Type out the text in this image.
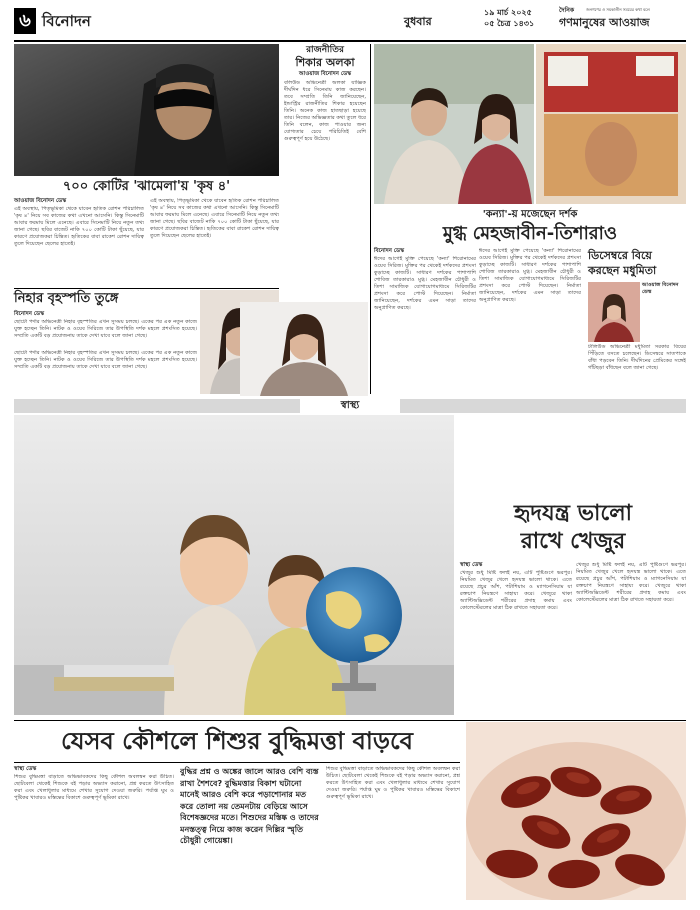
৬ বিনোদন	বুধবার
১৯ মার্চ ২০২৫
০৫ চৈত্র ১৪৩১
দৈনিক	জনগণের ও সমকালীন সময়ের কথা বলে
গণমানুষের আওয়াজ
৭০০ কোটির 'ঝামেলা'য় 'কৃষ ৪'
আওয়াজ বিনোদন ডেস্ক
এই অবস্থায়, পিতৃভূমিকা থেকে যাবেন হৃতিক রোশন পরিচালিত 'কৃষ ৪' নিয়ে সব কাজের কথা এখনো আসেনি। কিন্তু সিনেমাটি আবার ফরমায় মিলে এনেছে। এবারে সিনেমাটি নিয়ে নতুন তথ্য জানা গেছে। ছবির বাজেট নাকি ৭০০ কোটি টাকা ছুঁয়েছে, যার কারণে প্রযোজকরা চিন্তিত। হৃতিকের বাবা রাকেশ রোশন দায়িত্ব তুলে দিয়েছেন ছেলের হাতেই।
এই অবস্থায়, পিতৃভূমিকা থেকে যাবেন হৃতিক রোশন পরিচালিত 'কৃষ ৪' নিয়ে সব কাজের কথা এখনো আসেনি। কিন্তু সিনেমাটি আবার ফরমায় মিলে এনেছে। এবারে সিনেমাটি নিয়ে নতুন তথ্য জানা গেছে। ছবির বাজেট নাকি ৭০০ কোটি টাকা ছুঁয়েছে, যার কারণে প্রযোজকরা চিন্তিত। হৃতিকের বাবা রাকেশ রোশন দায়িত্ব তুলে দিয়েছেন ছেলের হাতেই।
নিহার বৃহস্পতি তুঙ্গে
বিনোদন ডেস্ক
ছোটো পর্দার অভিনেত্রী নিহার বৃহস্পতির এখন সুসময় চলছে। একের পর এক নতুন কাজে যুক্ত হচ্ছেন তিনি। নাটক ও ওয়েব সিরিজে তার উপস্থিতি দর্শক মহলে প্রশংসিত হয়েছে। সম্প্রতি একটি বড় প্রযোজনায় তাকে দেখা যাবে বলে জানা গেছে।
ছোটো পর্দার অভিনেত্রী নিহার বৃহস্পতির এখন সুসময় চলছে। একের পর এক নতুন কাজে যুক্ত হচ্ছেন তিনি। নাটক ও ওয়েব সিরিজে তার উপস্থিতি দর্শক মহলে প্রশংসিত হয়েছে। সম্প্রতি একটি বড় প্রযোজনায় তাকে দেখা যাবে বলে জানা গেছে।
রাজনীতির
শিকার অলকা
আওয়াজ বিনোদন ডেস্ক
বলিউড অভিনেত্রী অলকা যাজ্ঞিক দীর্ঘদিন ধরে সিনেমায় কাজ করছেন। তবে সম্প্রতি তিনি জানিয়েছেন, ইন্ডাস্ট্রির রাজনীতির শিকার হয়েছেন তিনি। অনেক কাজ হাতছাড়া হয়েছে তার। নিজের অভিজ্ঞতার কথা তুলে ধরে তিনি বলেন, কাজ পাওয়ার জন্য যোগ্যতার চেয়ে পরিচিতিই বেশি গুরুত্বপূর্ণ হয়ে উঠেছে।
'কন্যা'-য় মজেছেন দর্শক
মুগ্ধ মেহজাবীন-তিশারাও
বিনোদন ডেস্ক
ঈদের আগেই মুক্তি পেয়েছে 'কন্যা' শিরোনামের ওয়েব সিরিজ। মুক্তির পর থেকেই দর্শকদের প্রশংসা কুড়াচ্ছে কাজটি। সাধারণ দর্শকের পাশাপাশি শোবিজ তারকারাও মুগ্ধ। মেহজাবীন চৌধুরী ও তিশা সামাজিক যোগাযোগমাধ্যমে সিরিজটির প্রশংসা করে পোস্ট দিয়েছেন। নির্মাতা জানিয়েছেন, দর্শকের এমন সাড়া তাদের অনুপ্রাণিত করছে।
ঈদের আগেই মুক্তি পেয়েছে 'কন্যা' শিরোনামের ওয়েব সিরিজ। মুক্তির পর থেকেই দর্শকদের প্রশংসা কুড়াচ্ছে কাজটি। সাধারণ দর্শকের পাশাপাশি শোবিজ তারকারাও মুগ্ধ। মেহজাবীন চৌধুরী ও তিশা সামাজিক যোগাযোগমাধ্যমে সিরিজটির প্রশংসা করে পোস্ট দিয়েছেন। নির্মাতা জানিয়েছেন, দর্শকের এমন সাড়া তাদের অনুপ্রাণিত করছে।
ডিসেম্বরে বিয়ে করছেন মধুমিতা
আওয়াজ বিনোদন ডেস্ক
টালিউড অভিনেত্রী মধুমিতা সরকার বিয়ের পিঁড়িতে বসতে চলেছেন। ডিসেম্বরে সাতপাকে বাঁধা পড়বেন তিনি। দীর্ঘদিনের প্রেমিকের সঙ্গেই গাঁটছড়া বাঁধছেন বলে জানা গেছে।
স্বাস্থ্য
হৃদযন্ত্র ভালো
রাখে খেজুর
স্বাস্থ্য ডেস্ক
খেজুর শুধু মিষ্টি ফলই নয়, এটি পুষ্টিগুণে ভরপুর। নিয়মিত খেজুর খেলে হৃদযন্ত্র ভালো থাকে। এতে রয়েছে প্রচুর আঁশ, পটাশিয়াম ও ম্যাগনেসিয়াম যা রক্তচাপ নিয়ন্ত্রণে সাহায্য করে। খেজুরে থাকা অ্যান্টিঅক্সিডেন্ট শরীরের প্রদাহ কমায় এবং কোলেস্টেরলের মাত্রা ঠিক রাখতে সহায়তা করে।
খেজুর শুধু মিষ্টি ফলই নয়, এটি পুষ্টিগুণে ভরপুর। নিয়মিত খেজুর খেলে হৃদযন্ত্র ভালো থাকে। এতে রয়েছে প্রচুর আঁশ, পটাশিয়াম ও ম্যাগনেসিয়াম যা রক্তচাপ নিয়ন্ত্রণে সাহায্য করে। খেজুরে থাকা অ্যান্টিঅক্সিডেন্ট শরীরের প্রদাহ কমায় এবং কোলেস্টেরলের মাত্রা ঠিক রাখতে সহায়তা করে।
যেসব কৌশলে শিশুর বুদ্ধিমত্তা বাড়বে
স্বাস্থ্য ডেস্ক
শিশুর বুদ্ধিমত্তা বাড়াতে অভিভাবকদের কিছু কৌশল অবলম্বন করা উচিত। ছোটবেলা থেকেই শিশুকে বই পড়ার অভ্যাস করানো, প্রশ্ন করতে উৎসাহিত করা এবং খেলাধুলার মাধ্যমে শেখার সুযোগ দেওয়া জরুরি। পর্যাপ্ত ঘুম ও পুষ্টিকর খাবারও মস্তিষ্কের বিকাশে গুরুত্বপূর্ণ ভূমিকা রাখে।
বুদ্ধির প্রশ্ন ও অঙ্কের জালে আরও বেশি ব্যস্ত রাখা শৈশবে? বুদ্ধিমত্তার বিকাশ ঘটানো মানেই আরও বেশি করে পড়াশোনার মত করে তোলা নয় তেমনটায় বেড়িয়ে আসে বিশেষজ্ঞদের মতে। শিশুদের মস্তিষ্ক ও তাদের মনস্তত্ত্ব নিয়ে কাজ করেন দিল্লির স্মৃতি চৌধুরী গোয়েঙ্কা।
শিশুর বুদ্ধিমত্তা বাড়াতে অভিভাবকদের কিছু কৌশল অবলম্বন করা উচিত। ছোটবেলা থেকেই শিশুকে বই পড়ার অভ্যাস করানো, প্রশ্ন করতে উৎসাহিত করা এবং খেলাধুলার মাধ্যমে শেখার সুযোগ দেওয়া জরুরি। পর্যাপ্ত ঘুম ও পুষ্টিকর খাবারও মস্তিষ্কের বিকাশে গুরুত্বপূর্ণ ভূমিকা রাখে।
